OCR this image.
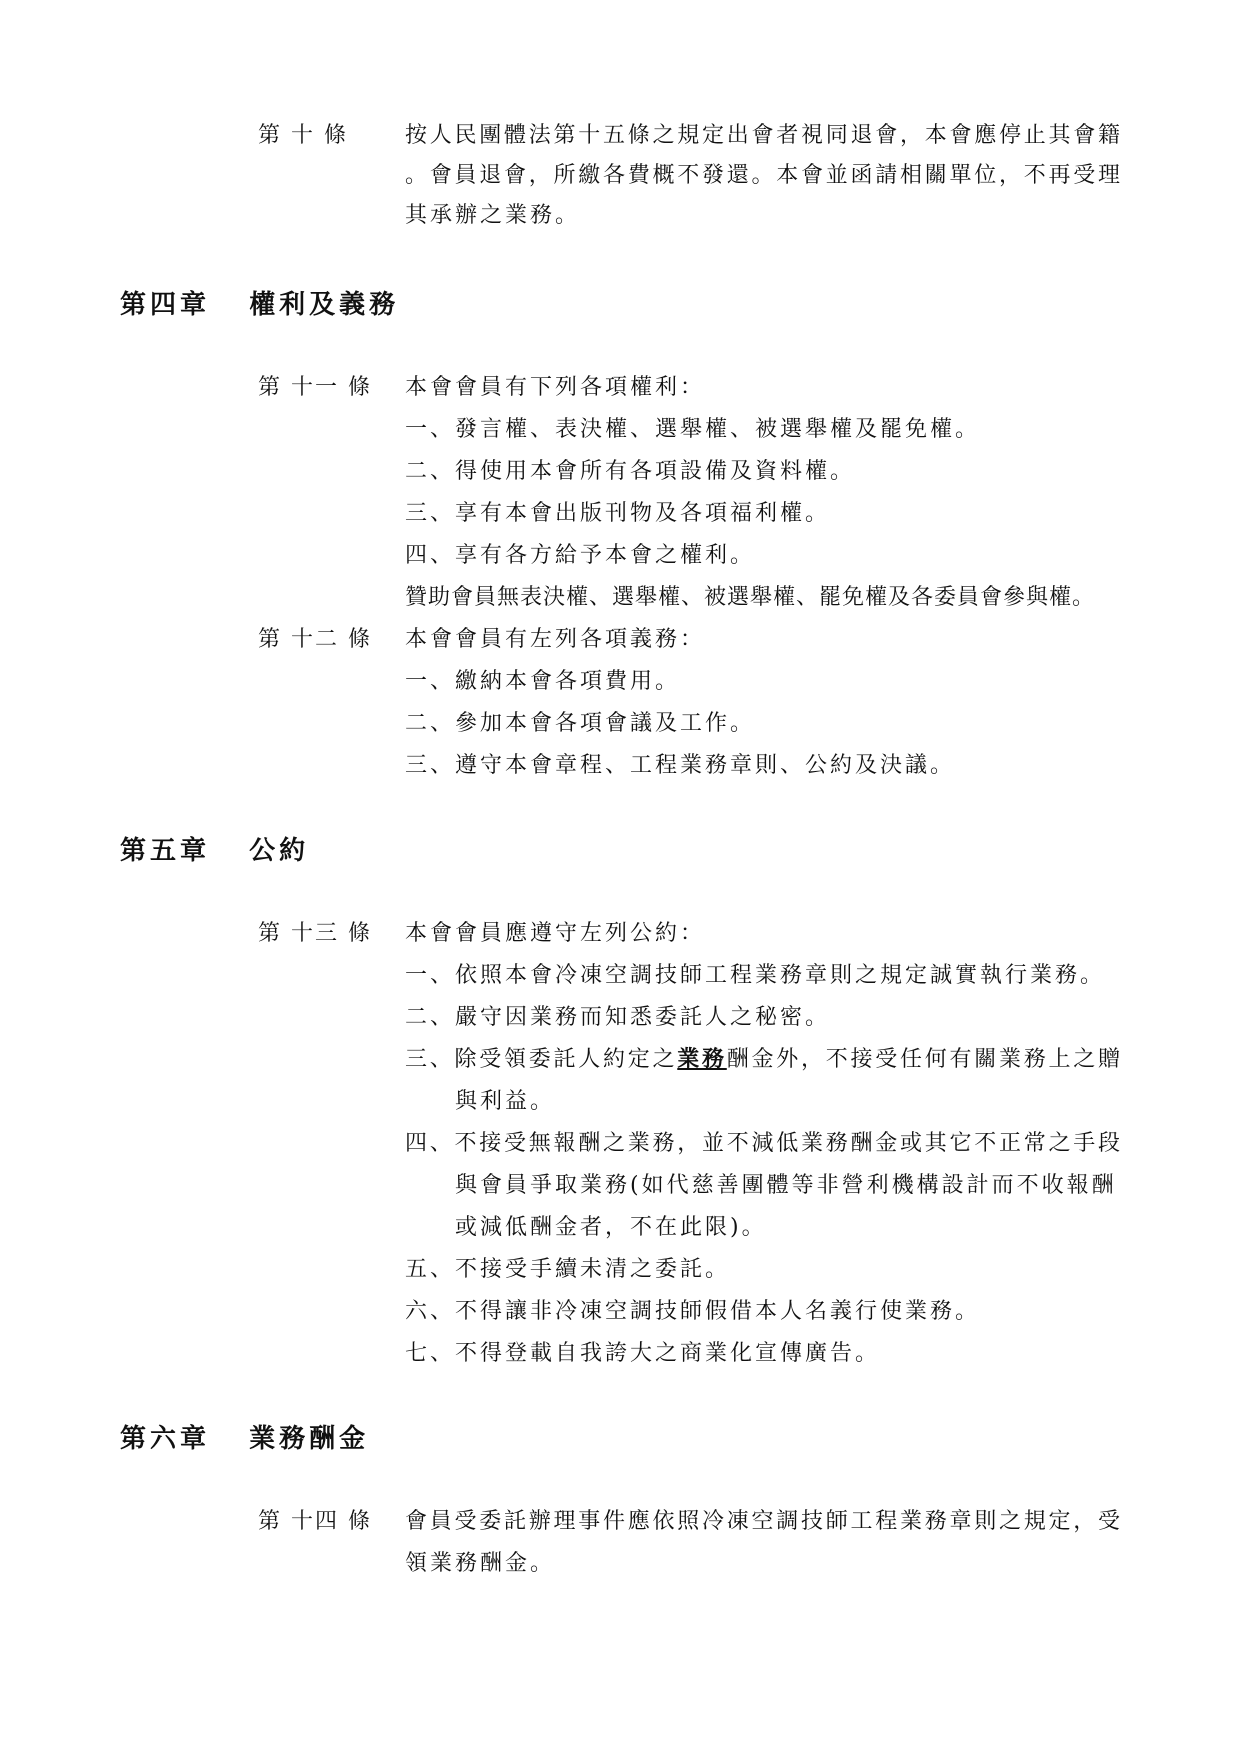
第 十 條	按人民團體法第十五條之規定出會者視同退會，本會應停止其會籍
。會員退會，所繳各費概不發還。本會並函請相關單位，不再受理
其承辦之業務。
第四章   權利及義務
第 十一 條 本會會員有下列各項權利：
一、發言權、表決權、選舉權、被選舉權及罷免權。
二、得使用本會所有各項設備及資料權。
三、享有本會出版刊物及各項福利權。
四、享有各方給予本會之權利。
贊助會員無表決權、選舉權、被選舉權、罷免權及各委員會參與權。
第 十二 條 本會會員有左列各項義務：
一、繳納本會各項費用。
二、參加本會各項會議及工作。
三、遵守本會章程、工程業務章則、公約及決議。
第五章   公約
第 十三 條 本會會員應遵守左列公約：
一、依照本會冷凍空調技師工程業務章則之規定誠實執行業務。
二、嚴守因業務而知悉委託人之秘密。
三、除受領委託人約定之業務酬金外，不接受任何有關業務上之贈
與利益。
四、不接受無報酬之業務，並不減低業務酬金或其它不正常之手段
與會員爭取業務(如代慈善團體等非營利機構設計而不收報酬
或減低酬金者，不在此限)。
五、不接受手續未清之委託。
六、不得讓非冷凍空調技師假借本人名義行使業務。
七、不得登載自我誇大之商業化宣傳廣告。
第六章   業務酬金
第 十四 條 會員受委託辦理事件應依照冷凍空調技師工程業務章則之規定，受
領業務酬金。
